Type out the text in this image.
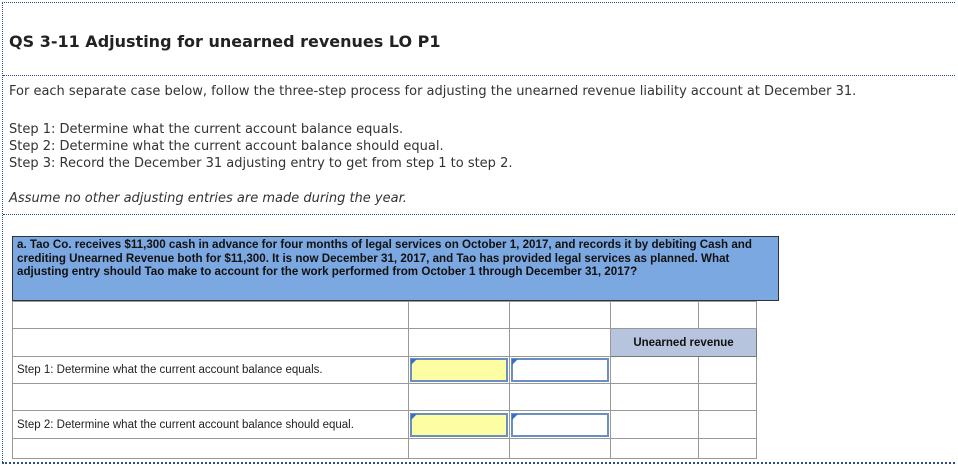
QS 3-11 Adjusting for unearned revenues LO P1

For each separate case below, follow the three-step process for adjusting the unearned revenue liability account at December 31.

Step 1: Determine what the current account balance equals.

Step 2: Determine what the current account balance should equal.

Step 3: Record the December 31 adjusting entry to get from step 1 to step 2.

Assume no other adjusting entries are made during the year.

a. Tao Co. receives $11,300 cash in advance for four months of legal services on October 1, 2017, and records it by debiting Cash and crediting Unearned Revenue both for $11,300. It is now December 31, 2017, and Tao has provided legal services as planned. What adjusting entry should Tao make to account for the work performed from October 1 through December 31, 2017?

			Unearned revenue	
Step 1: Determine what the current account balance equals.	

Step 2: Determine what the current account balance should equal.	
